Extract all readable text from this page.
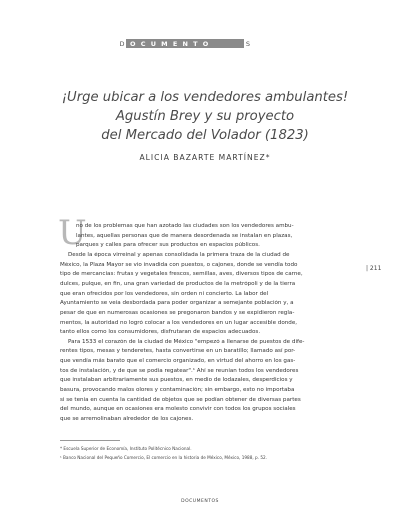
D OCUMENTO	S
¡Urge ubicar a los vendedores ambulantes!
Agustín Brey y su proyecto
del Mercado del Volador (1823)
ALICIA BAZARTE MARTÍNEZ*
U
no de los problemas que han azotado las ciudades son los vendedores ambu-
lantes, aquellas personas que de manera desordenada se instalan en plazas,
parques y calles para ofrecer sus productos en espacios públicos.
Desde la época virreinal y apenas consolidada la primera traza de la ciudad de
México, la Plaza Mayor se vio invadida con puestos, o cajones, donde se vendía todo
tipo de mercancías: frutas y vegetales frescos, semillas, aves, diversos tipos de carne,
dulces, pulque, en fin, una gran variedad de productos de la metrópoli y de la tierra
que eran ofrecidos por los vendedores, sin orden ni concierto. La labor del
Ayuntamiento se veía desbordada para poder organizar a semejante población y, a
pesar de que en numerosas ocasiones se pregonaron bandos y se expidieron regla-
mentos, la autoridad no logró colocar a los vendedores en un lugar accesible donde,
tanto ellos como los consumidores, disfrutaran de espacios adecuados.
Para 1533 el corazón de la ciudad de México "empezó a llenarse de puestos de dife-
rentes tipos, mesas y tenderetes, hasta convertirse en un baratillo; llamado así por-
que vendía más barato que el comercio organizado, en virtud del ahorro en los gas-
tos de instalación, y de que se podía regatear".¹ Ahí se reunían todos los vendedores
que instalaban arbitrariamente sus puestos, en medio de lodazales, desperdicios y
basura, provocando malos olores y contaminación; sin embargo, esto no importaba
si se tenía en cuenta la cantidad de objetos que se podían obtener de diversas partes
del mundo, aunque en ocasiones era molesto convivir con todos los grupos sociales
que se arremolinaban alrededor de los cajones.
* Escuela Superior de Economía, Instituto Politécnico Nacional.
¹ Banco Nacional del Pequeño Comercio, El comercio en la historia de México, México, 1988, p. 52.
| 211
DOCUMENTOS
